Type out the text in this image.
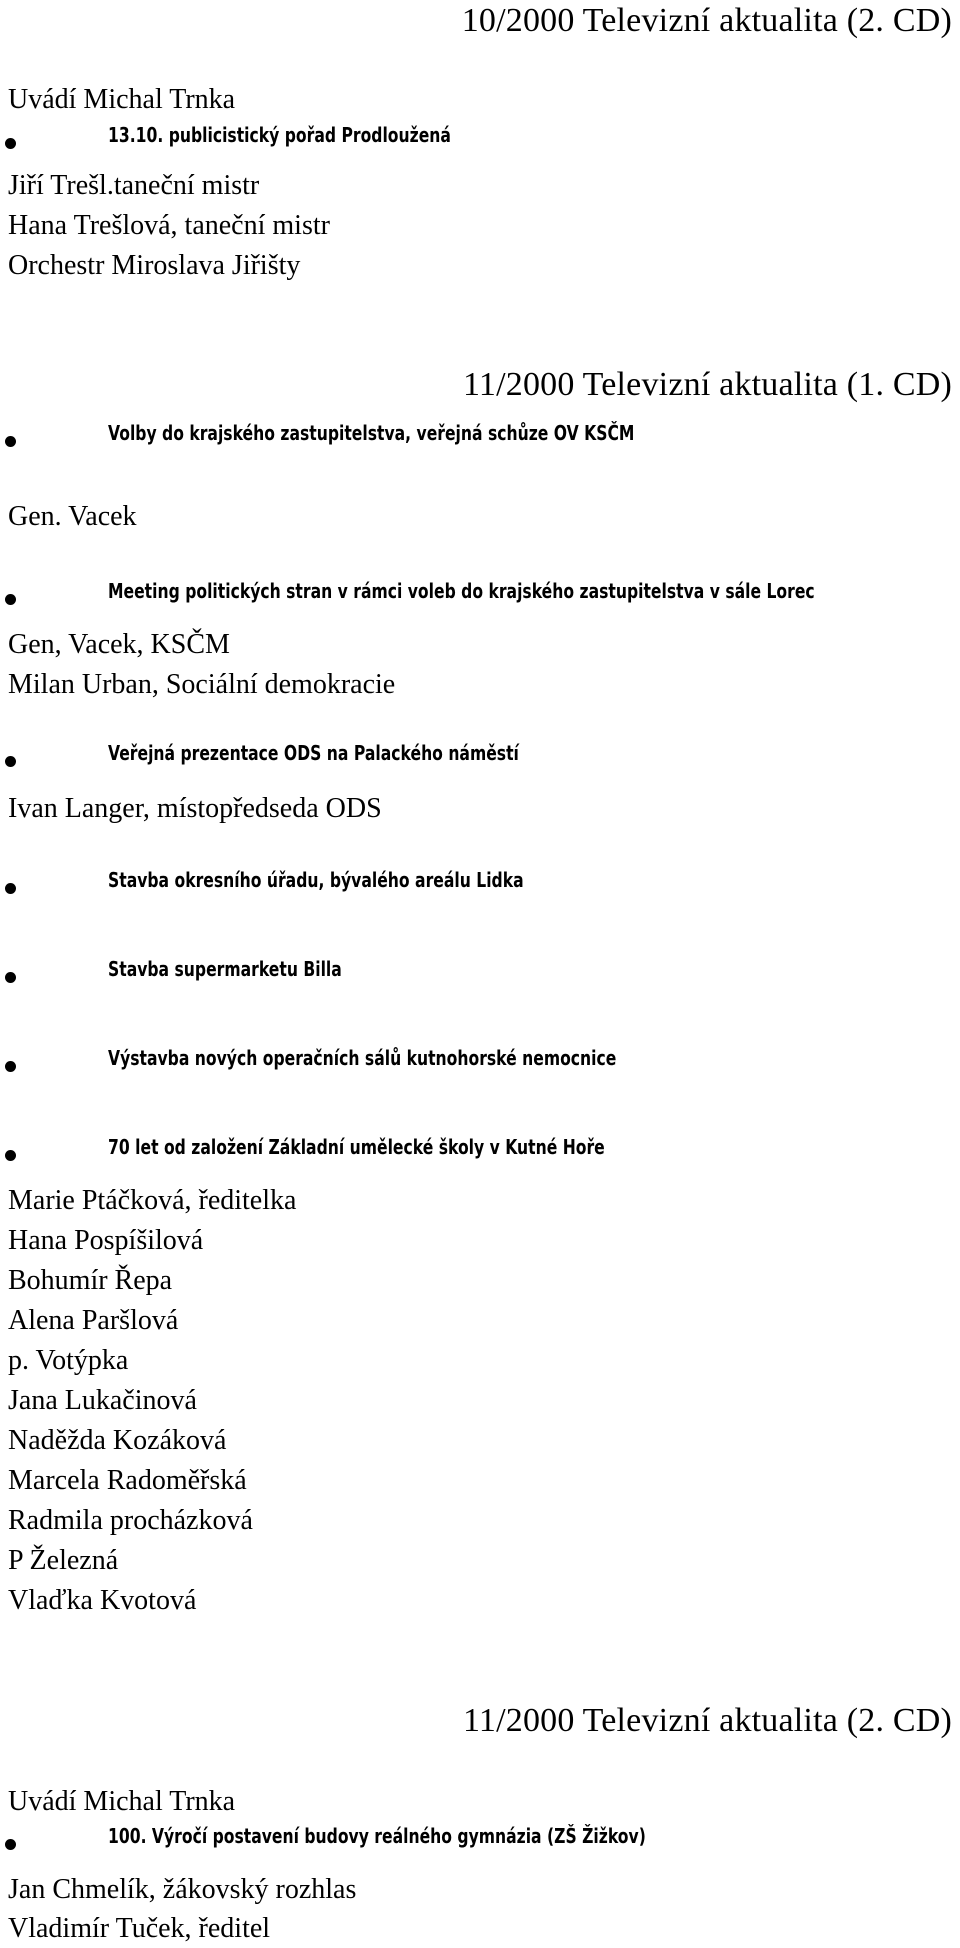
10/2000 Televizní aktualita (2. CD)
Uvádí Michal Trnka
13.10. publicistický pořad Prodloužená
Jiří Trešl.taneční mistr
Hana Trešlová, taneční mistr
Orchestr Miroslava Jiřišty
11/2000 Televizní aktualita (1. CD)
Volby do krajského zastupitelstva, veřejná schůze OV KSČM
Gen. Vacek
Meeting politických stran v rámci voleb do krajského zastupitelstva v sále Lorec
Gen, Vacek, KSČM
Milan Urban, Sociální demokracie
Veřejná prezentace ODS na Palackého náměstí
Ivan Langer, místopředseda ODS
Stavba okresního úřadu, bývalého areálu Lidka
Stavba supermarketu Billa
Výstavba nových operačních sálů kutnohorské nemocnice
70 let od založení Základní umělecké školy v Kutné Hoře
Marie Ptáčková, ředitelka
Hana Pospíšilová
Bohumír Řepa
Alena Paršlová
p. Votýpka
Jana Lukačinová
Naděžda Kozáková
Marcela Radoměřská
Radmila procházková
P Železná
Vlaďka Kvotová
11/2000 Televizní aktualita (2. CD)
Uvádí Michal Trnka
100. Výročí postavení budovy reálného gymnázia (ZŠ Žižkov)
Jan Chmelík, žákovský rozhlas
Vladimír Tuček, ředitel
